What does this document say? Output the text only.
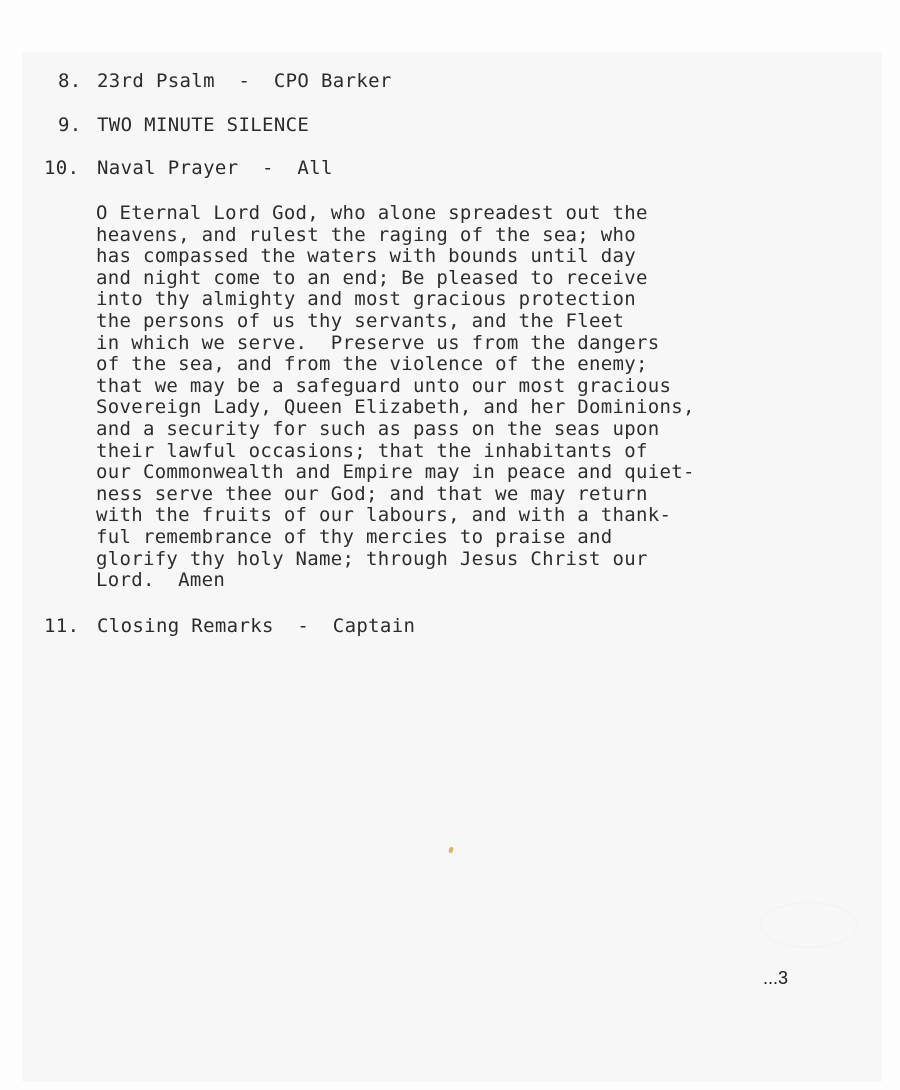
8. 23rd Psalm  -  CPO Barker
9. TWO MINUTE SILENCE
10. Naval Prayer  -  All
O Eternal Lord God, who alone spreadest out the
heavens, and rulest the raging of the sea; who
has compassed the waters with bounds until day
and night come to an end; Be pleased to receive
into thy almighty and most gracious protection
the persons of us thy servants, and the Fleet
in which we serve.  Preserve us from the dangers
of the sea, and from the violence of the enemy;
that we may be a safeguard unto our most gracious
Sovereign Lady, Queen Elizabeth, and her Dominions,
and a security for such as pass on the seas upon
their lawful occasions; that the inhabitants of
our Commonwealth and Empire may in peace and quiet-
ness serve thee our God; and that we may return
with the fruits of our labours, and with a thank-
ful remembrance of thy mercies to praise and
glorify thy holy Name; through Jesus Christ our
Lord.  Amen
11. Closing Remarks  -  Captain
...3
